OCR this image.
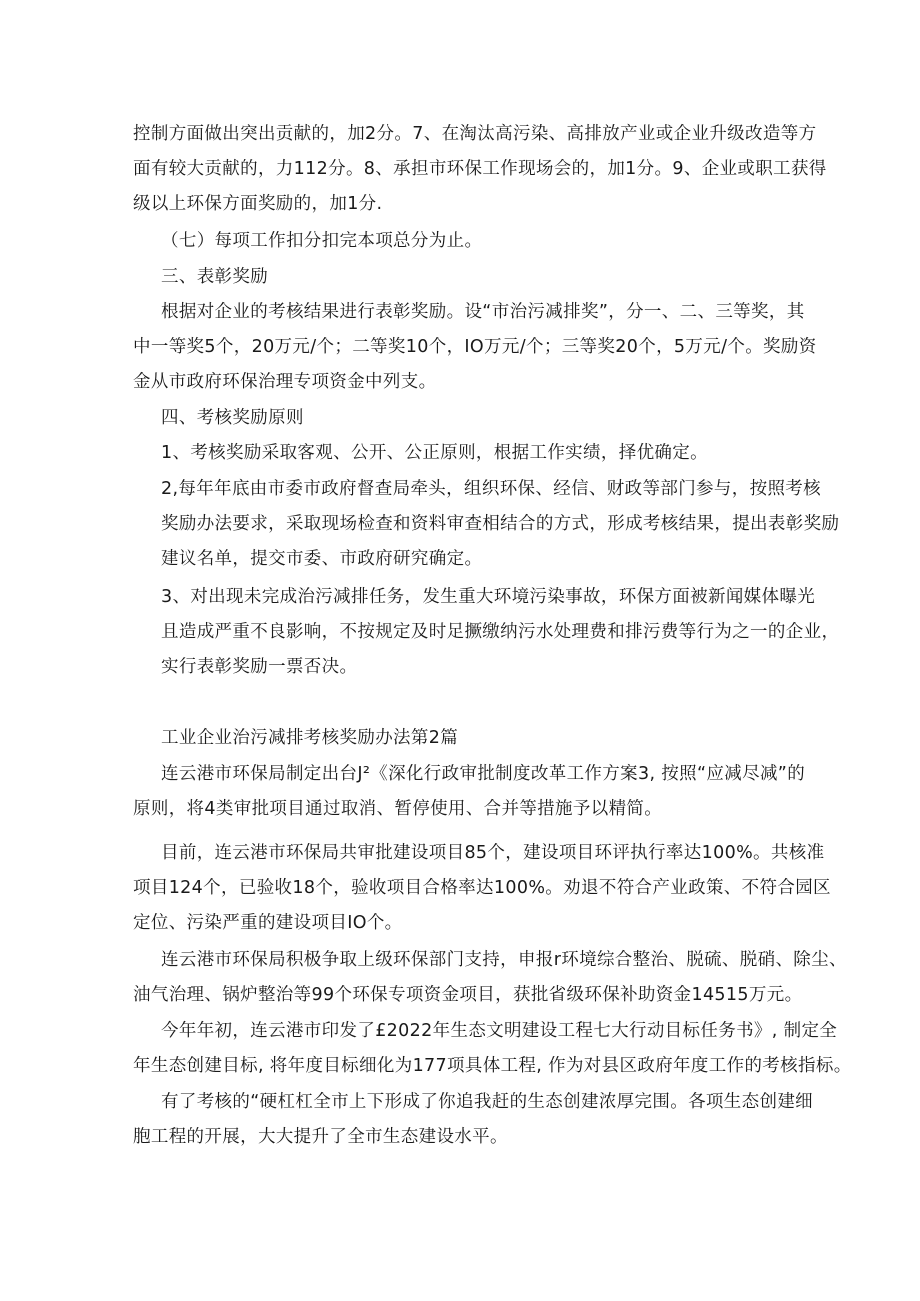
控制方面做出突出贡献的，加2分。7、在淘汰高污染、高排放产业或企业升级改造等方
面有较大贡献的，力112分。8、承担市环保工作现场会的，加1分。9、企业或职工获得
级以上环保方面奖励的，加1分.

（七）每项工作扣分扣完本项总分为止。

三、表彰奖励

根据对企业的考核结果进行表彰奖励。设“市治污减排奖”，分一、二、三等奖，其
中一等奖5个，20万元/个；二等奖10个，IO万元/个；三等奖20个，5万元/个。奖励资
金从市政府环保治理专项资金中列支。

四、考核奖励原则

1、考核奖励采取客观、公开、公正原则，根据工作实绩，择优确定。

2,每年年底由市委市政府督查局牵头，组织环保、经信、财政等部门参与，按照考核
奖励办法要求，采取现场检查和资料审查相结合的方式，形成考核结果，提出表彰奖励
建议名单，提交市委、市政府研究确定。

3、对出现未完成治污减排任务，发生重大环境污染事故，环保方面被新闻媒体曝光
且造成严重不良影响，不按规定及时足撅缴纳污水处理费和排污费等行为之一的企业，
实行表彰奖励一票否决。

工业企业治污减排考核奖励办法第2篇

连云港市环保局制定出台J²《深化行政审批制度改革工作方案3, 按照“应减尽减”的
原则，将4类审批项目通过取消、暂停使用、合并等措施予以精简。

目前，连云港市环保局共审批建设项目85个，建设项目环评执行率达100%。共核准
项目124个，已验收18个，验收项目合格率达100%。劝退不符合产业政策、不符合园区
定位、污染严重的建设项目IO个。

连云港市环保局积极争取上级环保部门支持，申报r环境综合整治、脱硫、脱硝、除尘、
油气治理、锅炉整治等99个环保专项资金项目，获批省级环保补助资金14515万元。

今年年初，连云港市印发了£2022年生态文明建设工程七大行动目标任务书》, 制定全
年生态创建目标, 将年度目标细化为177项具体工程, 作为对县区政府年度工作的考核指标。

有了考核的“硬杠杠全市上下形成了你追我赶的生态创建浓厚完围。各项生态创建细
胞工程的开展，大大提升了全市生态建设水平。
